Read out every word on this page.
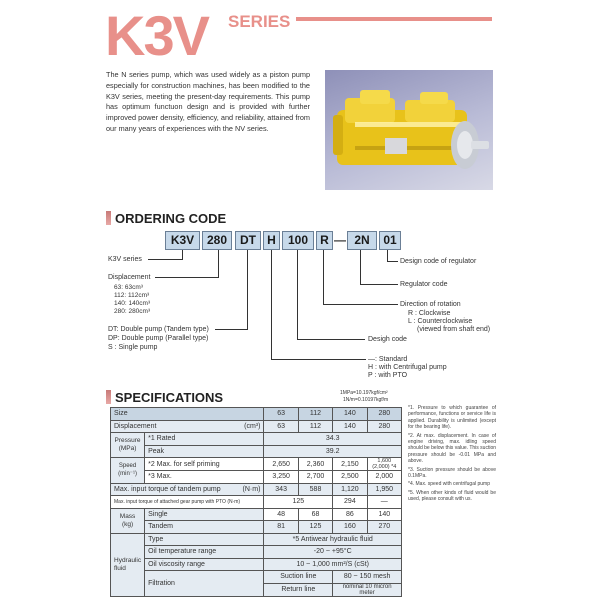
K3V SERIES
The N series pump, which was used widely as a piston pump especially for construction machines, has been modified to the K3V series, meeting the present-day requirements. This pump has optimum functuon design and is provided with further improved power density, efficiency, and reliability, attained from our many years of experiences with the NV series.
ORDERING CODE
K3V	280	DT H	100	R — 2N	01
K3V series
Displacement
63: 63cm³
112: 112cm³
140: 140cm³
280: 280cm³
DT: Double pump (Tandem type)
DP: Double pump (Parallel type)
S : Single pump
Design code of regulator
Regulator code
Direction of rotation
R : Clockwise
L : Counterclockwise
(viewed from shaft end)
Desigh code
—: Standard
H : with Centrifugal pump
P : with PTO
SPECIFICATIONS	1MPa=10.197kgf/cm²
1N/m=0.10197kgf/m
Size		63	112	140	280
Displacement (cm³)		63	112	140	280
Pressure (MPa)	*1 Rated	34.3			
	Peak	39.2			
Speed (min⁻¹)	*2 Max. for self priming	2,650	2,360	2,150	1,600 (2,000) *4
	*3 Max.	3,250	2,700	2,500	2,000
Max. input torque of tandem pump (N·m)		343	588	1,120	1,950
Max. input torque of attached gear pump with PTO (N·m)		125		294	—
Mass (kg)	Single	48	68	86	140
	Tandem	81	125	160	270
Hydraulic fluid	Type	*5 Antiwear hydraulic fluid			
	Oil temperature range	-20 ~ +95°C			
	Oil viscosity range	10 ~ 1,000 mm²/S (cSt)			
	Filtration	Suction line		80 ~ 150 mesh	
		Return line		nominal 10 micron meter	
*1. Pressure to which guarantee of performance, functions or service life is applied. Durability is unlimited (except for the bearing life).
*2. At max. displacement. In case of engine driving, max. idling speed should be below this value. This suction pressure should be -0.01 MPa and above.
*3. Suction pressure should be above 0.1MPa.
*4. Max. speed with centrifugal pump
*5. When other kinds of fluid would be used, please consult with us.
